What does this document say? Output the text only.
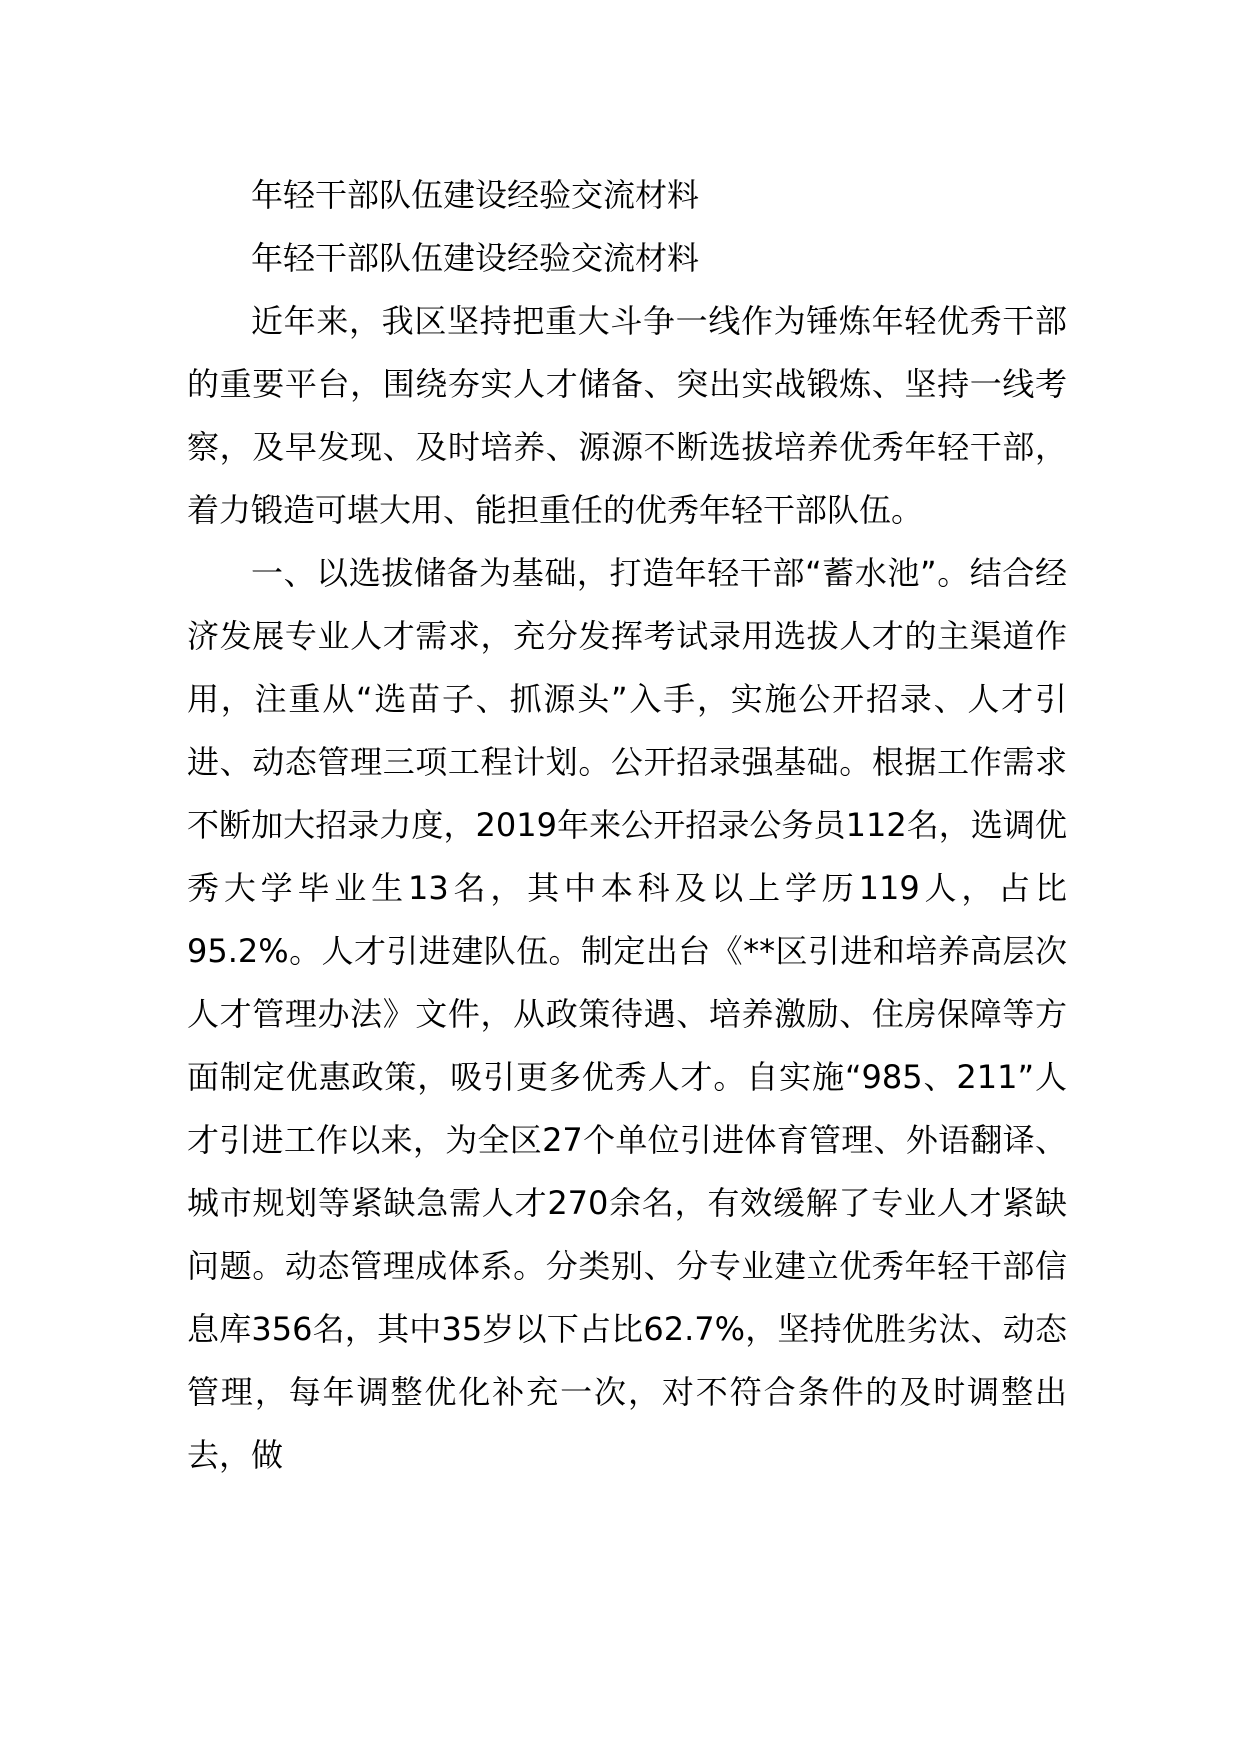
年轻干部队伍建设经验交流材料

年轻干部队伍建设经验交流材料

近年来，我区坚持把重大斗争一线作为锤炼年轻优秀干部的重要平台，围绕夯实人才储备、突出实战锻炼、坚持一线考察，及早发现、及时培养、源源不断选拔培养优秀年轻干部，着力锻造可堪大用、能担重任的优秀年轻干部队伍。

一、以选拔储备为基础，打造年轻干部“蓄水池”。结合经济发展专业人才需求，充分发挥考试录用选拔人才的主渠道作用，注重从“选苗子、抓源头”入手，实施公开招录、人才引进、动态管理三项工程计划。公开招录强基础。根据工作需求不断加大招录力度，2019年来公开招录公务员112名，选调优秀大学毕业生13名，其中本科及以上学历119人，占比95.2%。人才引进建队伍。制定出台《**区引进和培养高层次人才管理办法》文件，从政策待遇、培养激励、住房保障等方面制定优惠政策，吸引更多优秀人才。自实施“985、211”人才引进工作以来，为全区27个单位引进体育管理、外语翻译、城市规划等紧缺急需人才270余名，有效缓解了专业人才紧缺问题。动态管理成体系。分类别、分专业建立优秀年轻干部信息库356名，其中35岁以下占比62.7%，坚持优胜劣汰、动态管理，每年调整优化补充一次，对不符合条件的及时调整出去，做
